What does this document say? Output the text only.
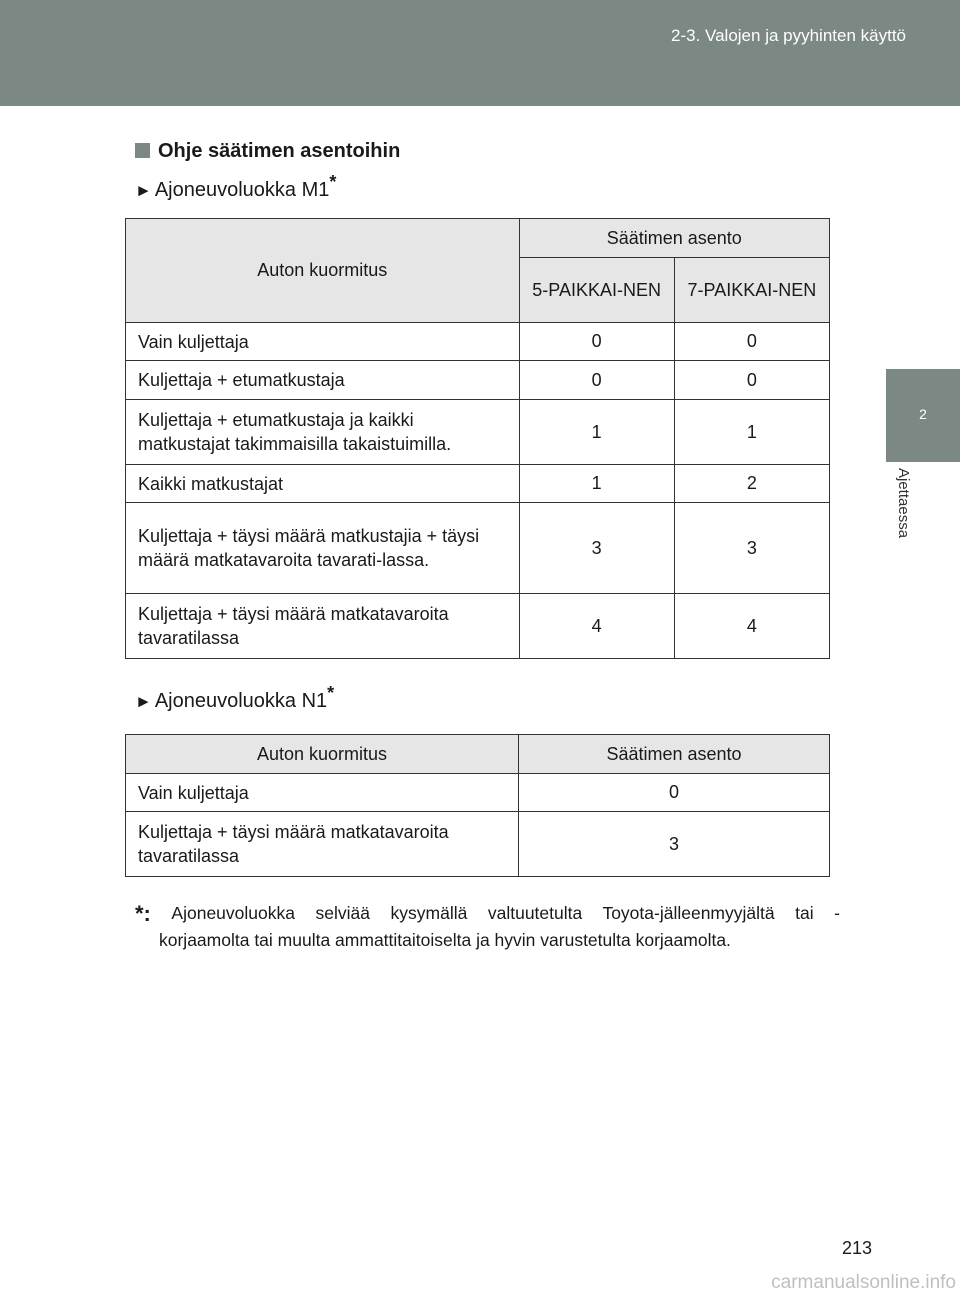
2-3. Valojen ja pyyhinten käyttö
2
Ajettaessa
Ohje säätimen asentoihin
► Ajoneuvoluokka M1*
Auton kuormitus	Säätimen asento	
	5-PAIKKAI-NEN	7-PAIKKAI-NEN
Vain kuljettaja	0	0
Kuljettaja + etumatkustaja	0	0
Kuljettaja + etumatkustaja ja kaikki matkustajat takimmaisilla takaistuimilla.	1	1
Kaikki matkustajat	1	2
Kuljettaja + täysi määrä matkustajia + täysi määrä matkatavaroita tavarati-lassa.	3	3
Kuljettaja + täysi määrä matkatavaroita tavaratilassa	4	4
► Ajoneuvoluokka N1*
Auton kuormitus	Säätimen asento
Vain kuljettaja	0
Kuljettaja + täysi määrä matkatavaroita tavaratilassa	3
*: Ajoneuvoluokka selviää kysymällä valtuutetulta Toyota-jälleenmyyjältä tai -
korjaamolta tai muulta ammattitaitoiselta ja hyvin varustetulta korjaamolta.
213
carmanualsonline.info
